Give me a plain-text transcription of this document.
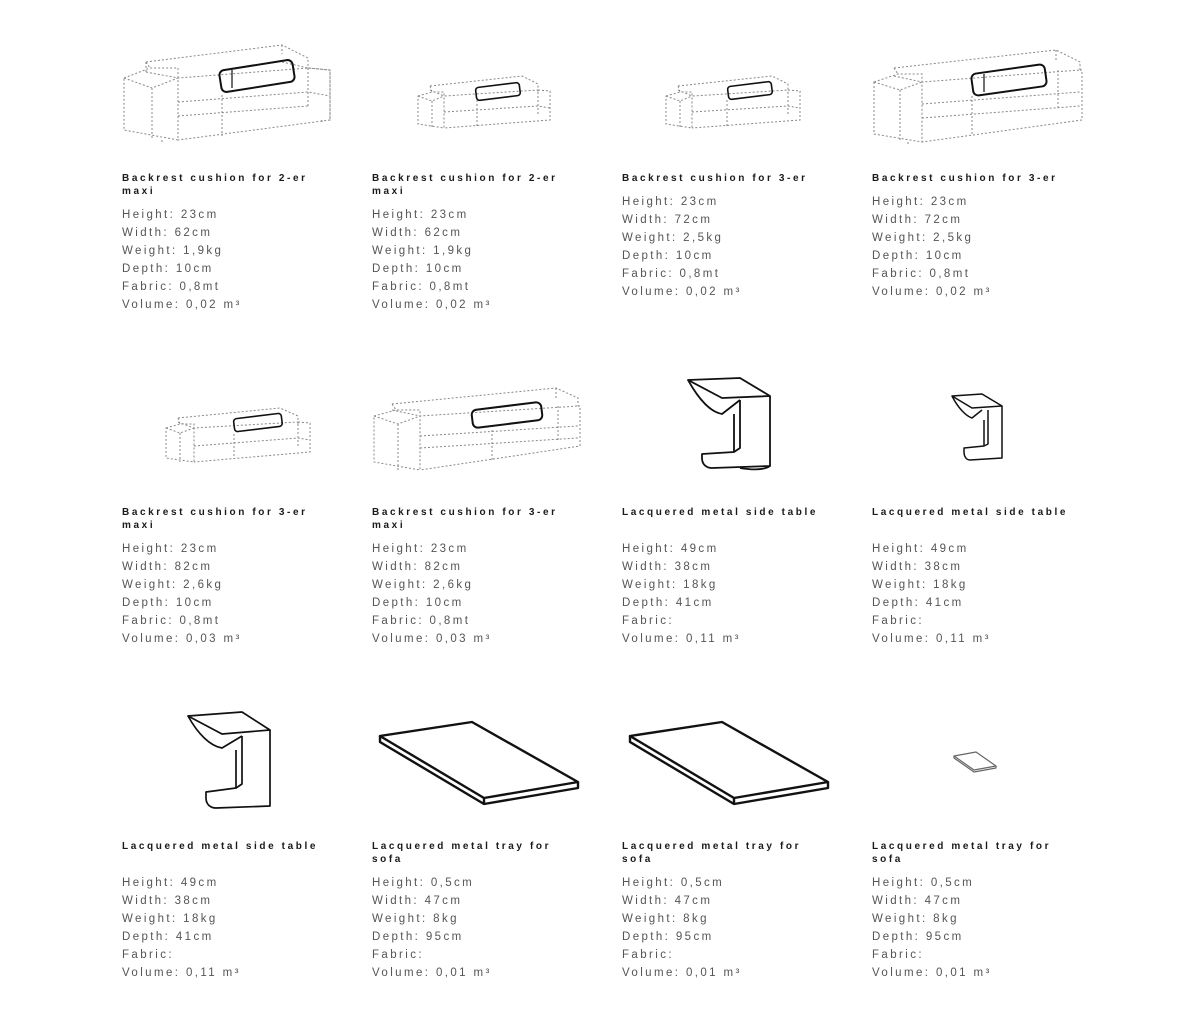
Backrest cushion for 2-er maxi
Height: 23cm
Width: 62cm
Weight: 1,9kg
Depth: 10cm
Fabric: 0,8mt
Volume: 0,02 m³
Backrest cushion for 2-er maxi
Height: 23cm
Width: 62cm
Weight: 1,9kg
Depth: 10cm
Fabric: 0,8mt
Volume: 0,02 m³
Backrest cushion for 3-er
Height: 23cm
Width: 72cm
Weight: 2,5kg
Depth: 10cm
Fabric: 0,8mt
Volume: 0,02 m³
Backrest cushion for 3-er
Height: 23cm
Width: 72cm
Weight: 2,5kg
Depth: 10cm
Fabric: 0,8mt
Volume: 0,02 m³
Backrest cushion for 3-er maxi
Height: 23cm
Width: 82cm
Weight: 2,6kg
Depth: 10cm
Fabric: 0,8mt
Volume: 0,03 m³
Backrest cushion for 3-er maxi
Height: 23cm
Width: 82cm
Weight: 2,6kg
Depth: 10cm
Fabric: 0,8mt
Volume: 0,03 m³
Lacquered metal side table
Height: 49cm
Width: 38cm
Weight: 18kg
Depth: 41cm
Fabric:
Volume: 0,11 m³
Lacquered metal side table
Height: 49cm
Width: 38cm
Weight: 18kg
Depth: 41cm
Fabric:
Volume: 0,11 m³
Lacquered metal side table
Height: 49cm
Width: 38cm
Weight: 18kg
Depth: 41cm
Fabric:
Volume: 0,11 m³
Lacquered metal tray for sofa
Height: 0,5cm
Width: 47cm
Weight: 8kg
Depth: 95cm
Fabric:
Volume: 0,01 m³
Lacquered metal tray for sofa
Height: 0,5cm
Width: 47cm
Weight: 8kg
Depth: 95cm
Fabric:
Volume: 0,01 m³
Lacquered metal tray for sofa
Height: 0,5cm
Width: 47cm
Weight: 8kg
Depth: 95cm
Fabric:
Volume: 0,01 m³
